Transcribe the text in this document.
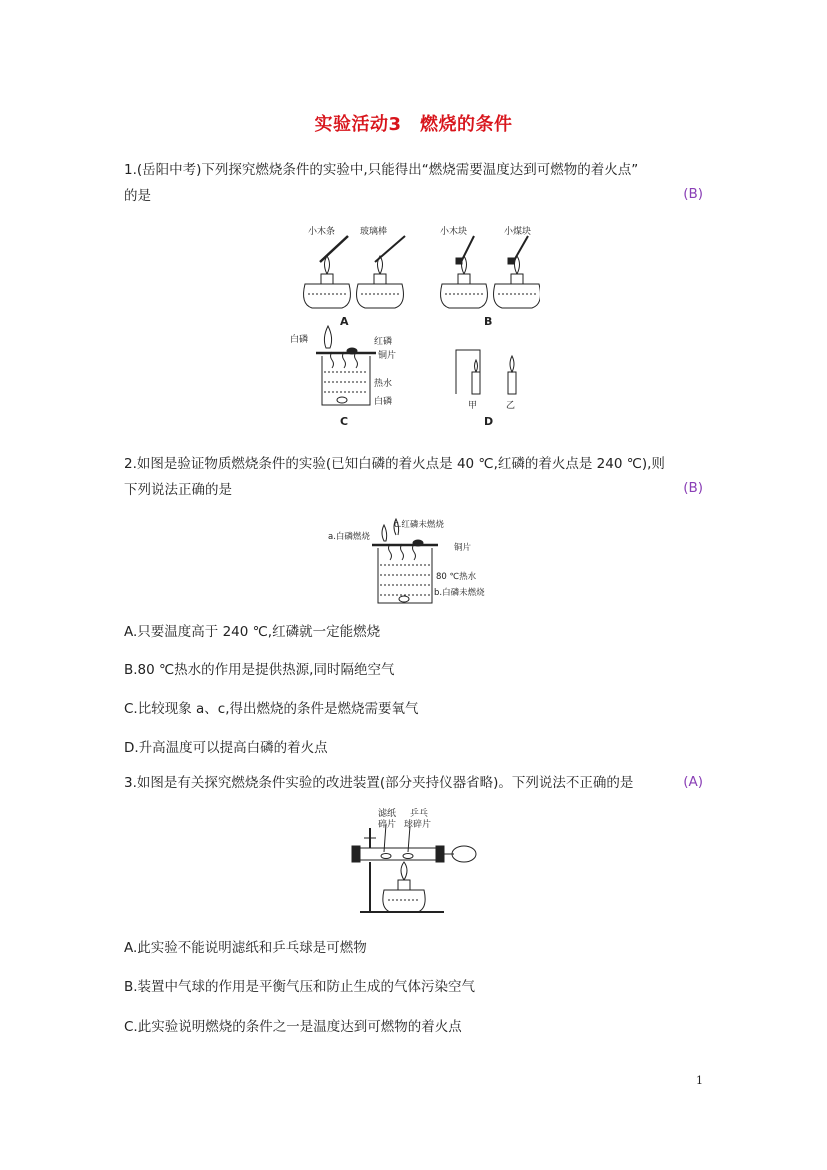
实验活动3　燃烧的条件
1.(岳阳中考)下列探究燃烧条件的实验中,只能得出“燃烧需要温度达到可燃物的着火点”
的是	(B)
小木条	玻璃棒	小木块	小煤块
白磷	红磷
铜片
热水
白磷	甲	乙
A	B
C	D
2.如图是验证物质燃烧条件的实验(已知白磷的着火点是 40 ℃,红磷的着火点是 240 ℃),则
下列说法正确的是	(B)
a.白磷燃烧
c.红磷未燃烧
铜片
80 ℃热水
b.白磷未燃烧
A.只要温度高于 240 ℃,红磷就一定能燃烧
B.80 ℃热水的作用是提供热源,同时隔绝空气
C.比较现象 a、c,得出燃烧的条件是燃烧需要氧气
D.升高温度可以提高白磷的着火点
3.如图是有关探究燃烧条件实验的改进装置(部分夹持仪器省略)。下列说法不正确的是	(A)
滤纸
碎片
乒乓
球碎片
A.此实验不能说明滤纸和乒乓球是可燃物
B.装置中气球的作用是平衡气压和防止生成的气体污染空气
C.此实验说明燃烧的条件之一是温度达到可燃物的着火点
1
